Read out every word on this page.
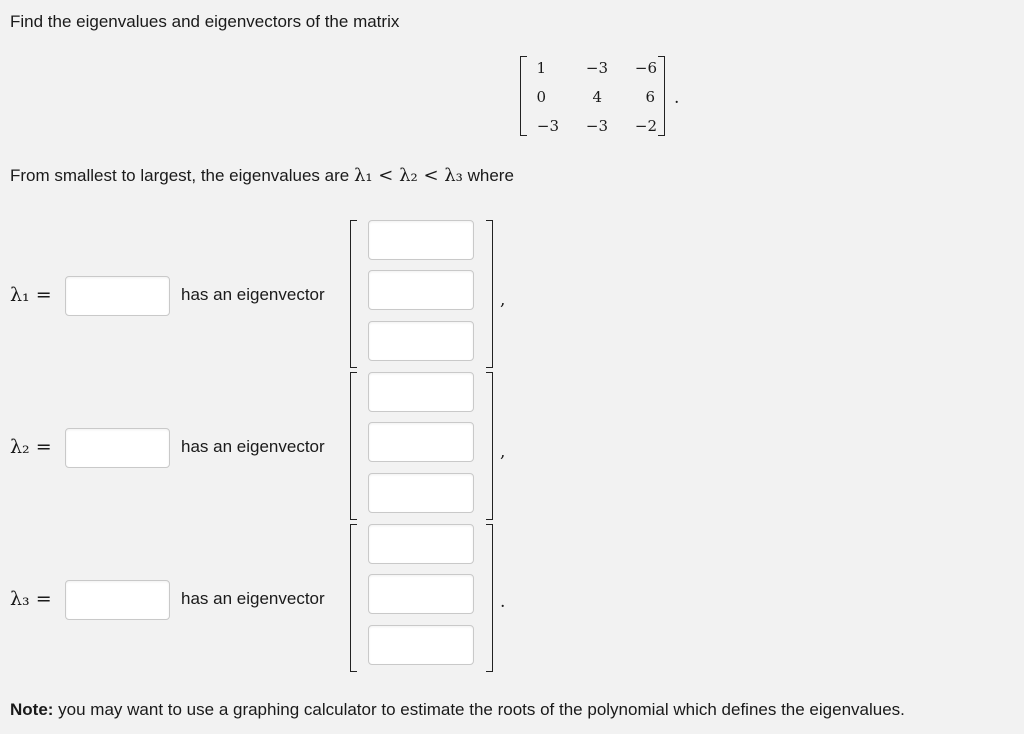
Find the eigenvalues and eigenvectors of the matrix
1	−3	−6
0	4	6
−3	−3	−2
.
From smallest to largest, the eigenvalues are λ₁ < λ₂ < λ₃ where
λ₁ =	has an eigenvector	,
λ₂ =	has an eigenvector	,
λ₃ =	has an eigenvector	.
Note: you may want to use a graphing calculator to estimate the roots of the polynomial which defines the eigenvalues.
